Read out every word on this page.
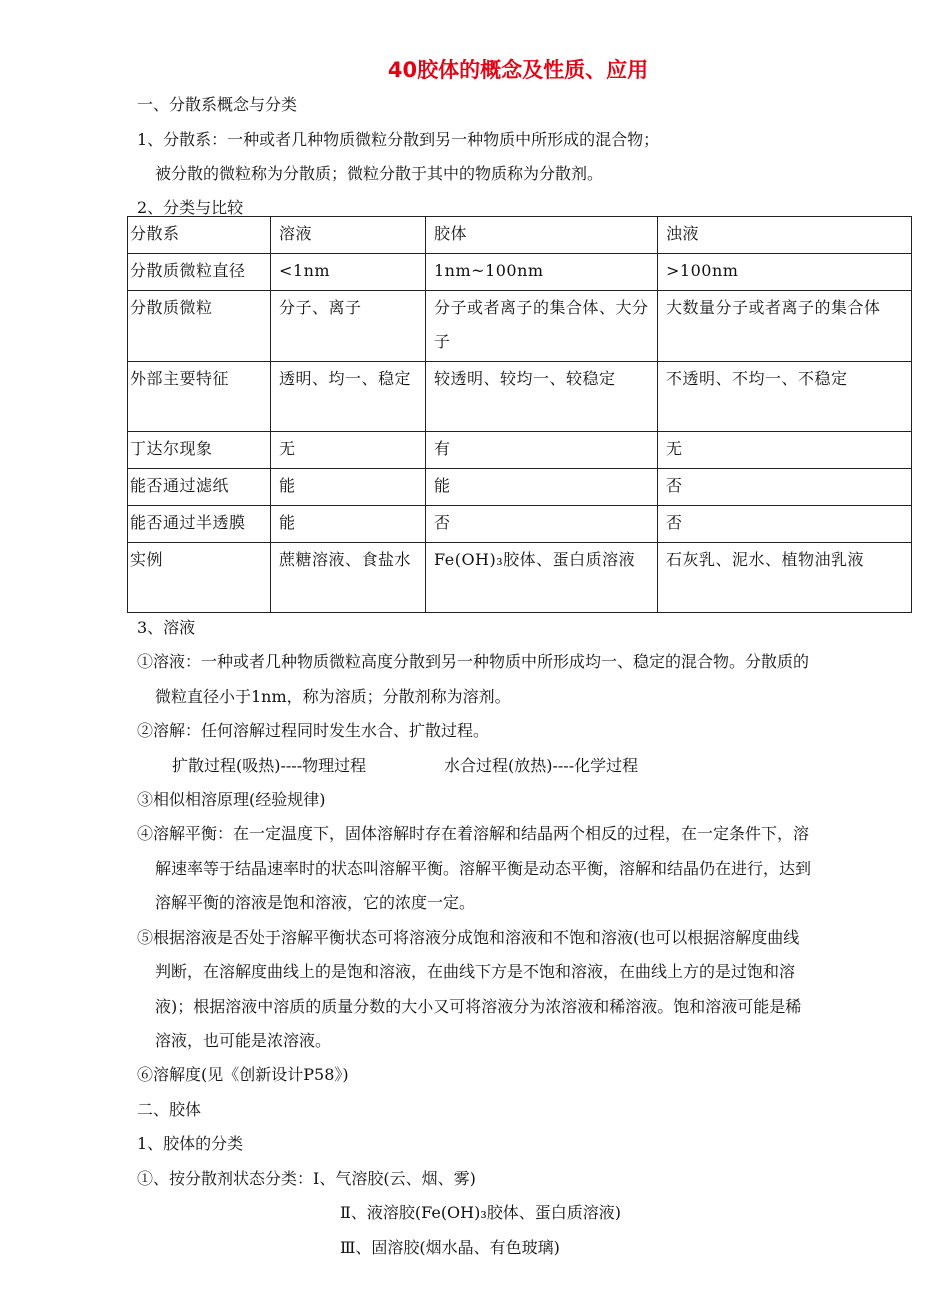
40胶体的概念及性质、应用
一、分散系概念与分类
1、分散系：一种或者几种物质微粒分散到另一种物质中所形成的混合物；
被分散的微粒称为分散质；微粒分散于其中的物质称为分散剂。
2、分类与比较
分散系	溶液	胶体	浊液
分散质微粒直径	<1nm	1nm~100nm	>100nm
分散质微粒	分子、离子	分子或者离子的集合体、大分子	大数量分子或者离子的集合体
外部主要特征	透明、均一、稳定	较透明、较均一、较稳定	不透明、不均一、不稳定
丁达尔现象	无	有	无
能否通过滤纸	能	能	否
能否通过半透膜	能	否	否
实例	蔗糖溶液、食盐水	Fe(OH)₃胶体、蛋白质溶液	石灰乳、泥水、植物油乳液
3、溶液
①溶液：一种或者几种物质微粒高度分散到另一种物质中所形成均一、稳定的混合物。分散质的
微粒直径小于1nm，称为溶质；分散剂称为溶剂。
②溶解：任何溶解过程同时发生水合、扩散过程。
扩散过程(吸热)----物理过程	水合过程(放热)----化学过程
③相似相溶原理(经验规律)
④溶解平衡：在一定温度下，固体溶解时存在着溶解和结晶两个相反的过程，在一定条件下，溶
解速率等于结晶速率时的状态叫溶解平衡。溶解平衡是动态平衡，溶解和结晶仍在进行，达到
溶解平衡的溶液是饱和溶液，它的浓度一定。
⑤根据溶液是否处于溶解平衡状态可将溶液分成饱和溶液和不饱和溶液(也可以根据溶解度曲线
判断，在溶解度曲线上的是饱和溶液，在曲线下方是不饱和溶液，在曲线上方的是过饱和溶
液)；根据溶液中溶质的质量分数的大小又可将溶液分为浓溶液和稀溶液。饱和溶液可能是稀
溶液，也可能是浓溶液。
⑥溶解度(见《创新设计P58》)
二、胶体
1、胶体的分类
①、按分散剂状态分类：Ⅰ、气溶胶(云、烟、雾)
Ⅱ、液溶胶(Fe(OH)₃胶体、蛋白质溶液)
Ⅲ、固溶胶(烟水晶、有色玻璃)
